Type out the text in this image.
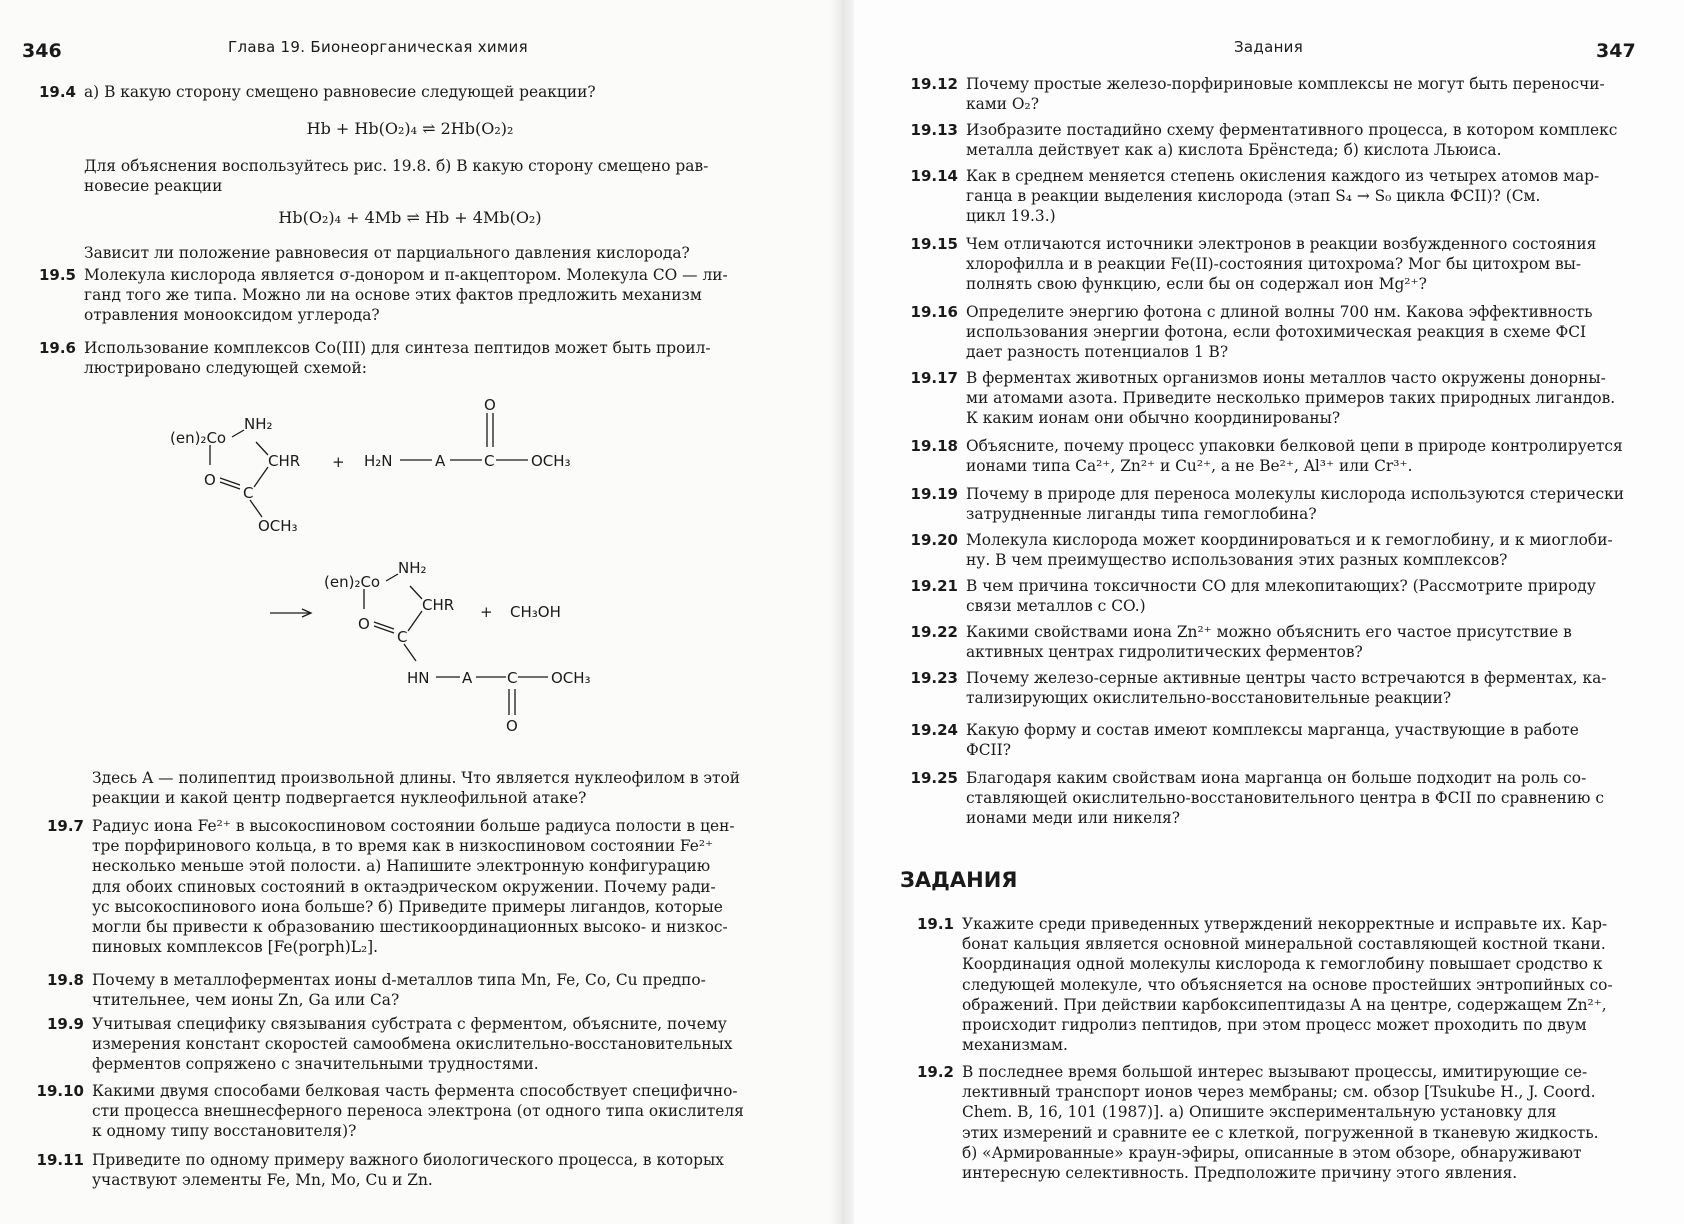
346	Глава 19. Бионеорганическая химия
19.4 а) В какую сторону смещено равновесие следующей реакции?
Hb + Hb(O₂)₄ ⇌ 2Hb(O₂)₂
Для объяснения воспользуйтесь рис. 19.8. б) В какую сторону смещено рав-
новесие реакции
Hb(O₂)₄ + 4Mb ⇌ Hb + 4Mb(O₂)
Зависит ли положение равновесия от парциального давления кислорода?
19.5 Молекула кислорода является σ-донором и π-акцептором. Молекула CO — ли-
ганд того же типа. Можно ли на основе этих фактов предложить механизм
отравления монооксидом углерода?
19.6 Использование комплексов Co(III) для синтеза пептидов может быть проил-
люстрировано следующей схемой:
(en)₂Co
NH₂
CHR
O
C
OCH₃
+ H₂N	A	C
O
OCH₃
(en)₂Co
NH₂
CHR
O
C
+ CH₃OH
HN A C OCH₃
O
Здесь A — полипептид произвольной длины. Что является нуклеофилом в этой
реакции и какой центр подвергается нуклеофильной атаке?
19.7 Радиус иона Fe²⁺ в высокоспиновом состоянии больше радиуса полости в цен-
тре порфиринового кольца, в то время как в низкоспиновом состоянии Fe²⁺
несколько меньше этой полости. а) Напишите электронную конфигурацию
для обоих спиновых состояний в октаэдрическом окружении. Почему ради-
ус высокоспинового иона больше? б) Приведите примеры лигандов, которые
могли бы привести к образованию шестикоординационных высоко- и низкос-
пиновых комплексов [Fe(porph)L₂].
19.8 Почему в металлоферментах ионы d-металлов типа Mn, Fe, Co, Cu предпо-
чтительнее, чем ионы Zn, Ga или Ca?
19.9 Учитывая специфику связывания субстрата с ферментом, объясните, почему
измерения констант скоростей самообмена окислительно-восстановительных
ферментов сопряжено с значительными трудностями.
19.10 Какими двумя способами белковая часть фермента способствует специфично-
сти процесса внешнесферного переноса электрона (от одного типа окислителя
к одному типу восстановителя)?
19.11 Приведите по одному примеру важного биологического процесса, в которых
участвуют элементы Fe, Mn, Mo, Cu и Zn.
Задания	347
19.12 Почему простые железо-порфириновые комплексы не могут быть переносчи-
ками O₂?
19.13 Изобразите постадийно схему ферментативного процесса, в котором комплекс
металла действует как а) кислота Брёнстеда; б) кислота Льюиса.
19.14 Как в среднем меняется степень окисления каждого из четырех атомов мар-
ганца в реакции выделения кислорода (этап S₄ → S₀ цикла ФСII)? (См.
цикл 19.3.)
19.15 Чем отличаются источники электронов в реакции возбужденного состояния
хлорофилла и в реакции Fe(II)-состояния цитохрома? Мог бы цитохром вы-
полнять свою функцию, если бы он содержал ион Mg²⁺?
19.16 Определите энергию фотона с длиной волны 700 нм. Какова эффективность
использования энергии фотона, если фотохимическая реакция в схеме ФСI
дает разность потенциалов 1 В?
19.17 В ферментах животных организмов ионы металлов часто окружены донорны-
ми атомами азота. Приведите несколько примеров таких природных лигандов.
К каким ионам они обычно координированы?
19.18 Объясните, почему процесс упаковки белковой цепи в природе контролируется
ионами типа Ca²⁺, Zn²⁺ и Cu²⁺, а не Be²⁺, Al³⁺ или Cr³⁺.
19.19 Почему в природе для переноса молекулы кислорода используются стерически
затрудненные лиганды типа гемоглобина?
19.20 Молекула кислорода может координироваться и к гемоглобину, и к миоглоби-
ну. В чем преимущество использования этих разных комплексов?
19.21 В чем причина токсичности CO для млекопитающих? (Рассмотрите природу
связи металлов с CO.)
19.22 Какими свойствами иона Zn²⁺ можно объяснить его частое присутствие в
активных центрах гидролитических ферментов?
19.23 Почему железо-серные активные центры часто встречаются в ферментах, ка-
тализирующих окислительно-восстановительные реакции?
19.24 Какую форму и состав имеют комплексы марганца, участвующие в работе
ФСII?
19.25 Благодаря каким свойствам иона марганца он больше подходит на роль со-
ставляющей окислительно-восстановительного центра в ФСII по сравнению с
ионами меди или никеля?
ЗАДАНИЯ
19.1 Укажите среди приведенных утверждений некорректные и исправьте их. Кар-
бонат кальция является основной минеральной составляющей костной ткани.
Координация одной молекулы кислорода к гемоглобину повышает сродство к
следующей молекуле, что объясняется на основе простейших энтропийных со-
ображений. При действии карбоксипептидазы A на центре, содержащем Zn²⁺,
происходит гидролиз пептидов, при этом процесс может проходить по двум
механизмам.
19.2 В последнее время большой интерес вызывают процессы, имитирующие се-
лективный транспорт ионов через мембраны; см. обзор [Tsukube H., J. Coord.
Chem. B, 16, 101 (1987)]. а) Опишите экспериментальную установку для
этих измерений и сравните ее с клеткой, погруженной в тканевую жидкость.
б) «Армированные» краун-эфиры, описанные в этом обзоре, обнаруживают
интересную селективность. Предположите причину этого явления.
